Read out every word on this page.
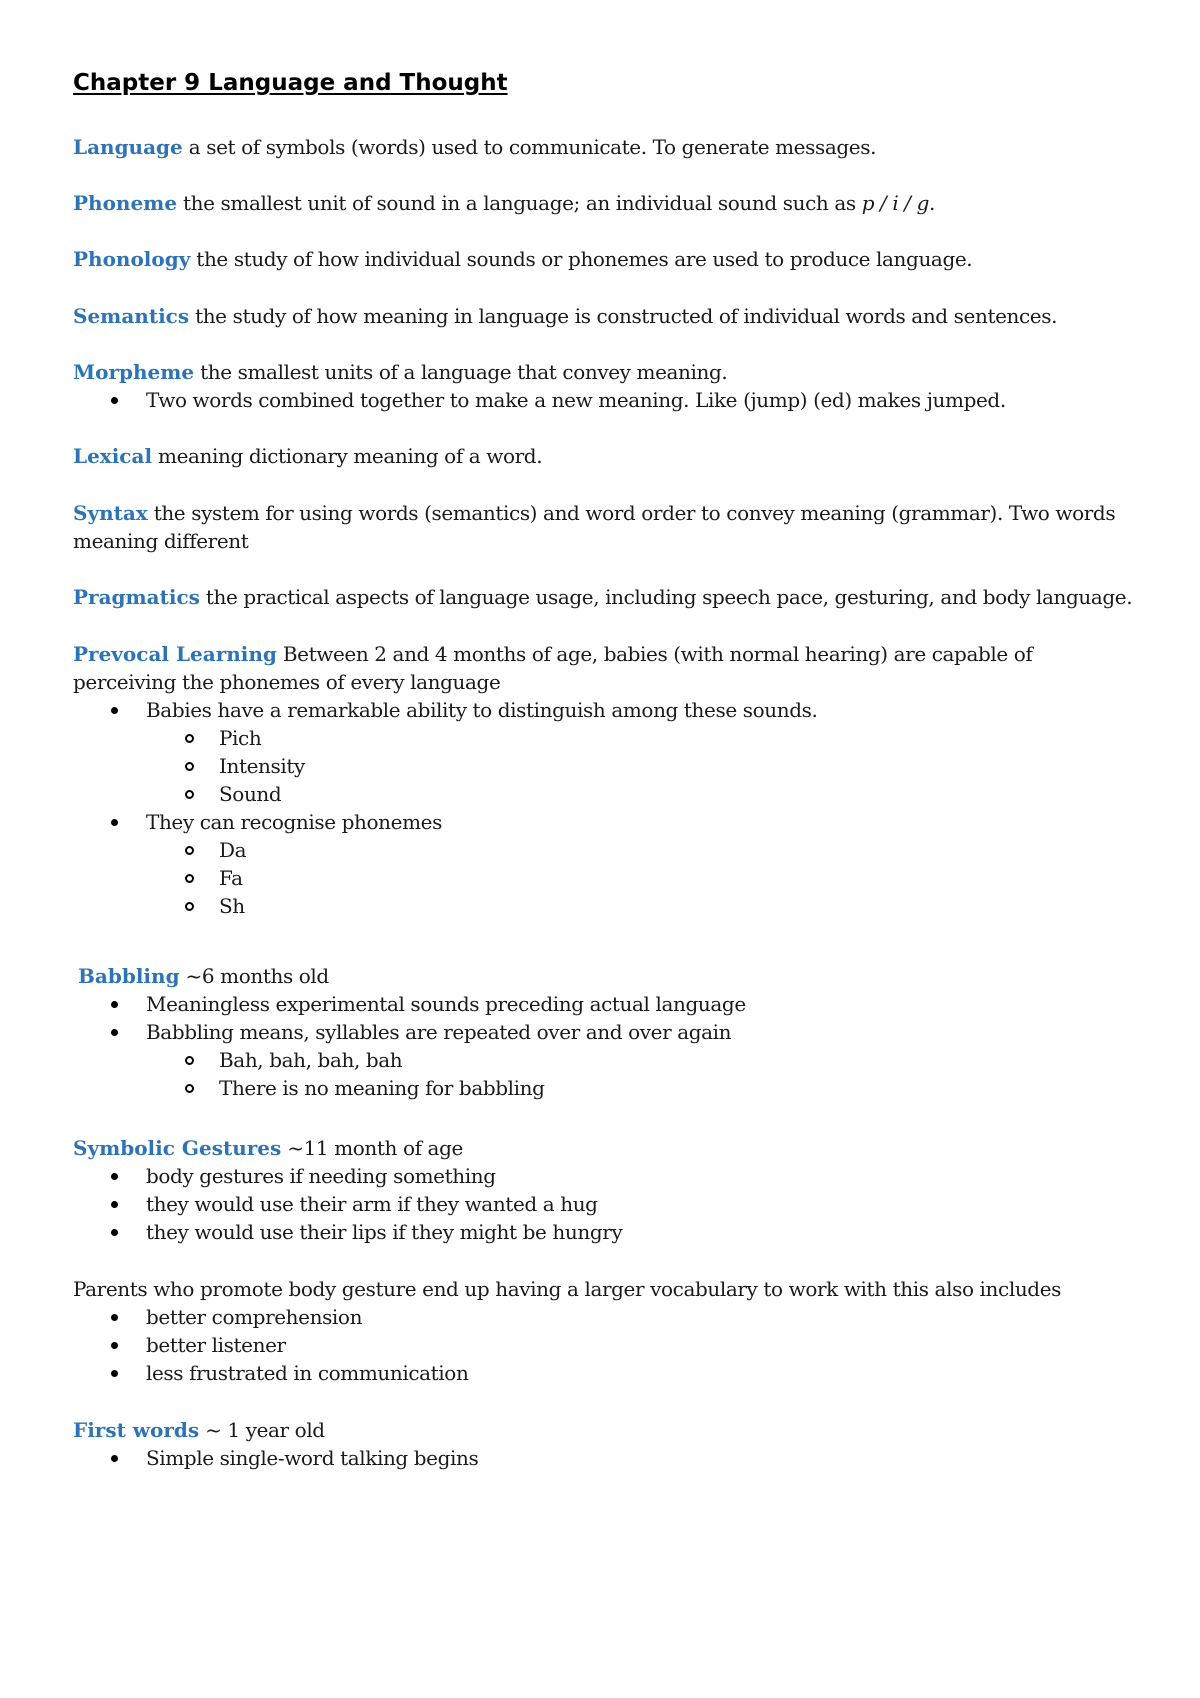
Chapter 9 Language and Thought

Language a set of symbols (words) used to communicate. To generate messages.

Phoneme the smallest unit of sound in a language; an individual sound such as p / i / g.

Phonology the study of how individual sounds or phonemes are used to produce language.

Semantics the study of how meaning in language is constructed of individual words and sentences.

Morpheme the smallest units of a language that convey meaning.

Two words combined together to make a new meaning. Like (jump) (ed) makes jumped.

Lexical meaning dictionary meaning of a word.

Syntax the system for using words (semantics) and word order to convey meaning (grammar). Two words meaning different

Pragmatics the practical aspects of language usage, including speech pace, gesturing, and body language.

Prevocal Learning Between 2 and 4 months of age, babies (with normal hearing) are capable of perceiving the phonemes of every language

Babies have a remarkable ability to distinguish among these sounds.
Pich
Intensity
Sound
They can recognise phonemes
Da
Fa
Sh

Babbling ~6 months old

Meaningless experimental sounds preceding actual language
Babbling means, syllables are repeated over and over again
Bah, bah, bah, bah
There is no meaning for babbling

Symbolic Gestures ~11 month of age

body gestures if needing something
they would use their arm if they wanted a hug
they would use their lips if they might be hungry

Parents who promote body gesture end up having a larger vocabulary to work with this also includes

better comprehension
better listener
less frustrated in communication

First words ~ 1 year old

Simple single-word talking begins
